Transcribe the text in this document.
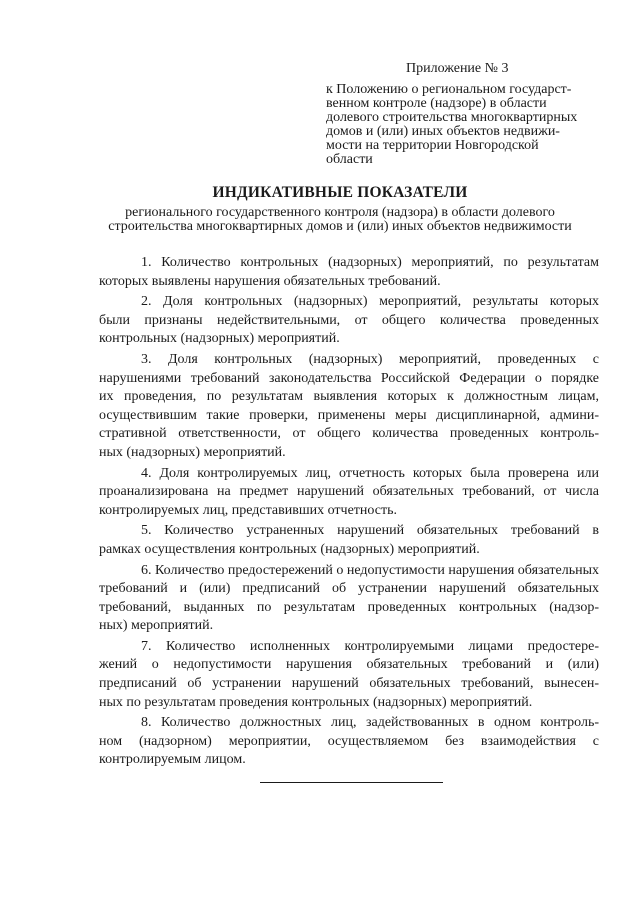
Приложение № 3
к Положению о региональном государст-
венном контроле (надзоре) в области
долевого строительства многоквартирных
домов и (или) иных объектов недвижи-
мости на территории Новгородской
области
ИНДИКАТИВНЫЕ ПОКАЗАТЕЛИ
регионального государственного контроля (надзора) в области долевого
строительства многоквартирных домов и (или) иных объектов недвижимости
1. Количество контрольных (надзорных) мероприятий, по результатам
которых выявлены нарушения обязательных требований.
2. Доля контрольных (надзорных) мероприятий, результаты которых
были признаны недействительными, от общего количества проведенных
контрольных (надзорных) мероприятий.
3. Доля контрольных (надзорных) мероприятий, проведенных с
нарушениями требований законодательства Российской Федерации о порядке
их проведения, по результатам выявления которых к должностным лицам,
осуществившим такие проверки, применены меры дисциплинарной, админи-
стративной ответственности, от общего количества проведенных контроль-
ных (надзорных) мероприятий.
4. Доля контролируемых лиц, отчетность которых была проверена или
проанализирована на предмет нарушений обязательных требований, от числа
контролируемых лиц, представивших отчетность.
5. Количество устраненных нарушений обязательных требований в
рамках осуществления контрольных (надзорных) мероприятий.
6. Количество предостережений о недопустимости нарушения обязательных
требований и (или) предписаний об устранении нарушений обязательных
требований, выданных по результатам проведенных контрольных (надзор-
ных) мероприятий.
7. Количество исполненных контролируемыми лицами предостере-
жений о недопустимости нарушения обязательных требований и (или)
предписаний об устранении нарушений обязательных требований, вынесен-
ных по результатам проведения контрольных (надзорных) мероприятий.
8. Количество должностных лиц, задействованных в одном контроль-
ном (надзорном) мероприятии, осуществляемом без взаимодействия с
контролируемым лицом.
